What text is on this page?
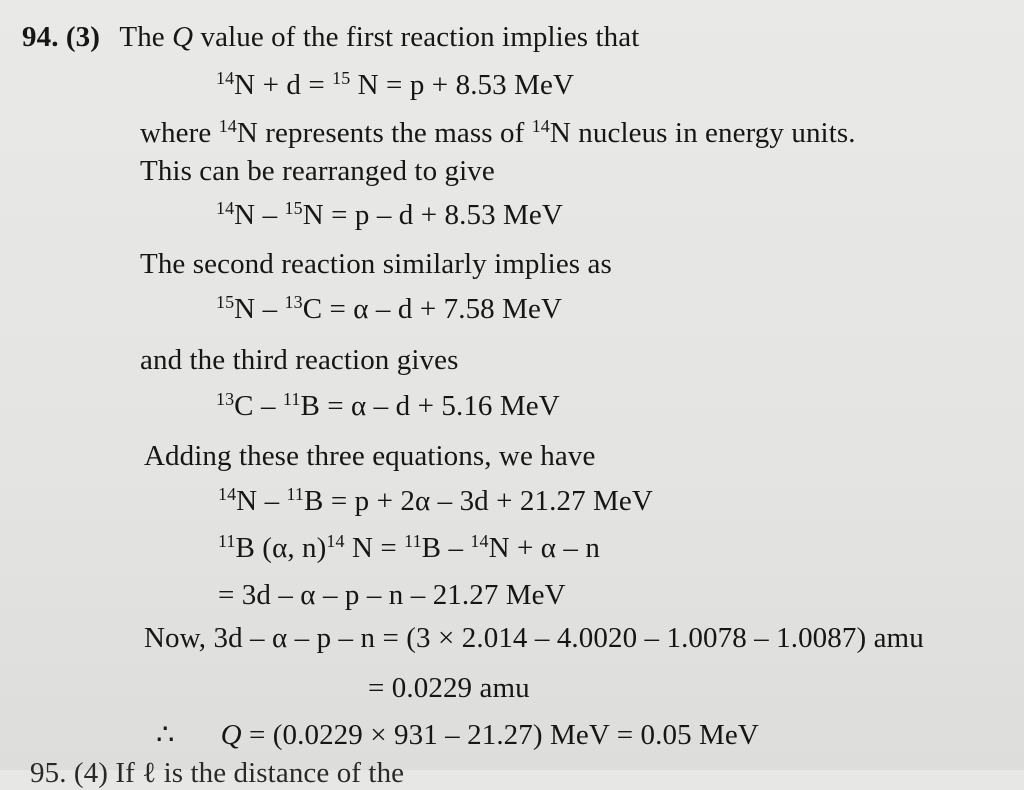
94. (3) The Q value of the first reaction implies that
$^{14}$N + d = $^{15}$ N = p + 8.53 MeV
where $^{14}$N represents the mass of $^{14}$N nucleus in energy units.
This can be rearranged to give
$^{14}$N – $^{15}$N = p – d + 8.53 MeV
The second reaction similarly implies as
$^{15}$N – $^{13}$C = α – d + 7.58 MeV
and the third reaction gives
$^{13}$C – $^{11}$B = α – d + 5.16 MeV
Adding these three equations, we have
$^{14}$N – $^{11}$B = p + 2α – 3d + 21.27 MeV
$^{11}$B (α, n)$^{14}$ N = $^{11}$B – $^{14}$N + α – n
= 3d – α – p – n – 21.27 MeV
Now, 3d – α – p – n = (3 × 2.014 – 4.0020 – 1.0078 – 1.0087) amu
= 0.0229 amu
∴ Q = (0.0229 × 931 – 21.27) MeV = 0.05 MeV
95. (4) If ℓ is the distance of the
